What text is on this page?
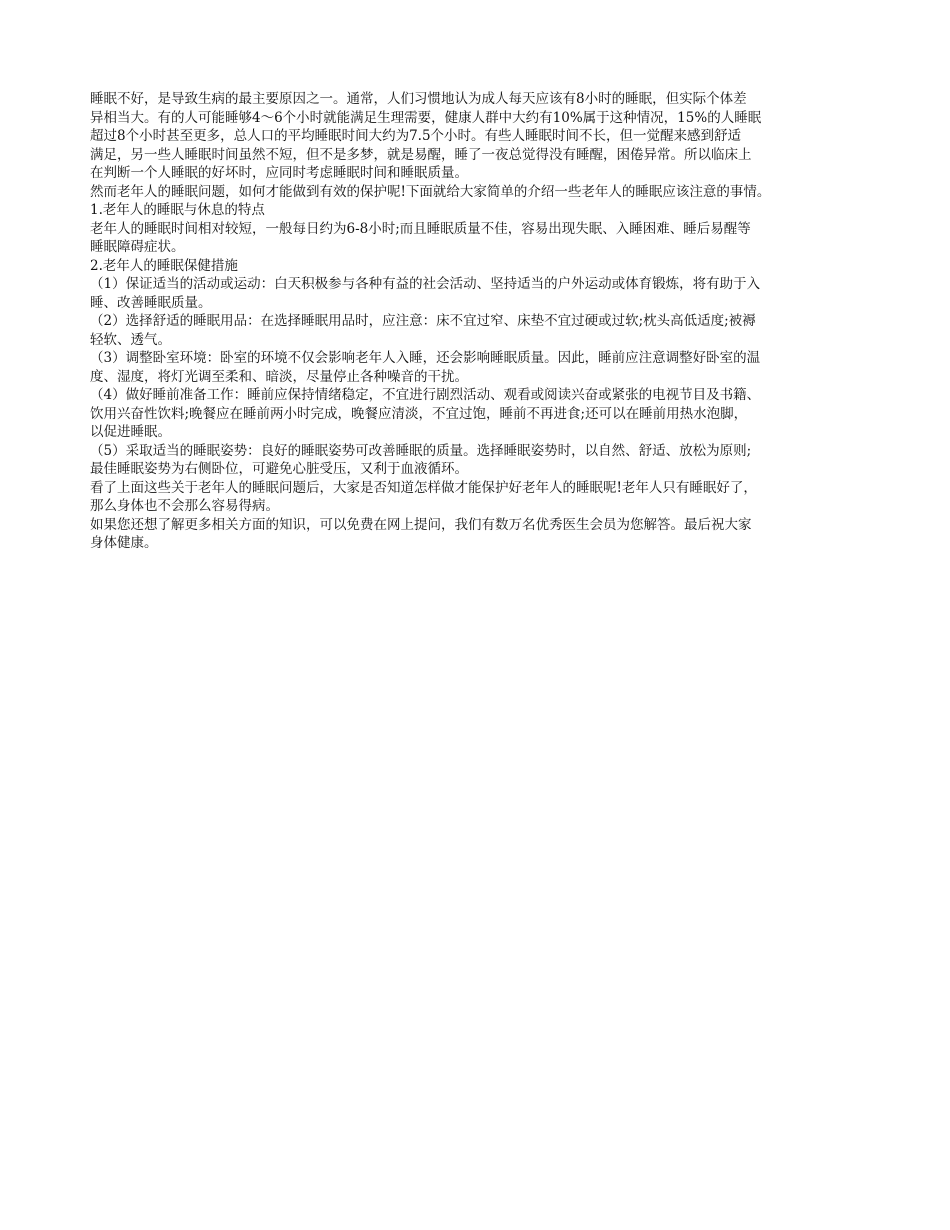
睡眠不好，是导致生病的最主要原因之一。通常，人们习惯地认为成人每天应该有8小时的睡眠，但实际个体差
异相当大。有的人可能睡够4～6个小时就能满足生理需要，健康人群中大约有10%属于这种情况，15%的人睡眠
超过8个小时甚至更多，总人口的平均睡眠时间大约为7.5个小时。有些人睡眠时间不长，但一觉醒来感到舒适
满足，另一些人睡眠时间虽然不短，但不是多梦，就是易醒，睡了一夜总觉得没有睡醒，困倦异常。所以临床上
在判断一个人睡眠的好坏时，应同时考虑睡眠时间和睡眠质量。
然而老年人的睡眠问题，如何才能做到有效的保护呢!下面就给大家简单的介绍一些老年人的睡眠应该注意的事情。
1.老年人的睡眠与休息的特点
老年人的睡眠时间相对较短，一般每日约为6-8小时;而且睡眠质量不佳，容易出现失眠、入睡困难、睡后易醒等
睡眠障碍症状。
2.老年人的睡眠保健措施
（1）保证适当的活动或运动：白天积极参与各种有益的社会活动、坚持适当的户外运动或体育锻炼，将有助于入
睡、改善睡眠质量。
（2）选择舒适的睡眠用品：在选择睡眠用品时，应注意：床不宜过窄、床垫不宜过硬或过软;枕头高低适度;被褥
轻软、透气。
（3）调整卧室环境：卧室的环境不仅会影响老年人入睡，还会影响睡眠质量。因此，睡前应注意调整好卧室的温
度、湿度，将灯光调至柔和、暗淡，尽量停止各种噪音的干扰。
（4）做好睡前准备工作：睡前应保持情绪稳定，不宜进行剧烈活动、观看或阅读兴奋或紧张的电视节目及书籍、
饮用兴奋性饮料;晚餐应在睡前两小时完成，晚餐应清淡，不宜过饱，睡前不再进食;还可以在睡前用热水泡脚，
以促进睡眠。
（5）采取适当的睡眠姿势：良好的睡眠姿势可改善睡眠的质量。选择睡眠姿势时，以自然、舒适、放松为原则;
最佳睡眠姿势为右侧卧位，可避免心脏受压，又利于血液循环。
看了上面这些关于老年人的睡眠问题后，大家是否知道怎样做才能保护好老年人的睡眠呢!老年人只有睡眠好了，
那么身体也不会那么容易得病。
如果您还想了解更多相关方面的知识，可以免费在网上提问，我们有数万名优秀医生会员为您解答。最后祝大家
身体健康。
